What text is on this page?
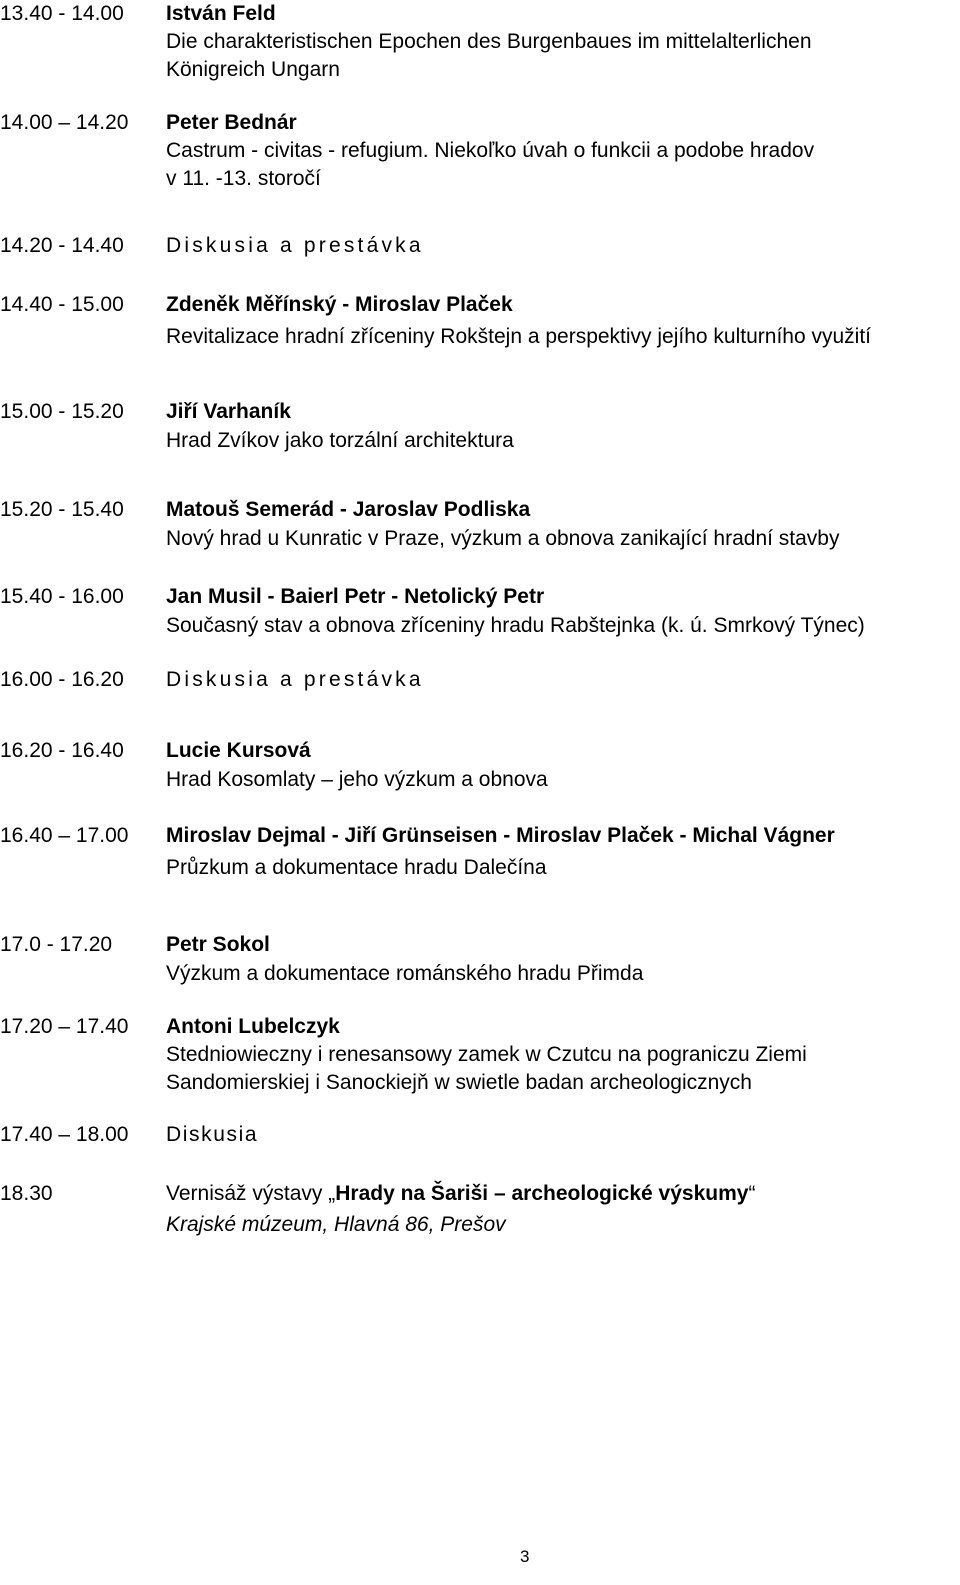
13.40 - 14.00 István Feld
Die charakteristischen Epochen des Burgenbaues im mittelalterlichen
Königreich Ungarn
14.00 – 14.20 Peter Bednár
Castrum - civitas - refugium. Niekoľko úvah o funkcii a podobe hradov
v 11. -13. storočí
14.20 - 14.40 Diskusia a prestávka
14.40 - 15.00 Zdeněk Měřínský - Miroslav Plaček
Revitalizace hradní zříceniny Rokštejn a perspektivy jejího kulturního využití
15.00 - 15.20 Jiří Varhaník
Hrad Zvíkov jako torzální architektura
15.20 - 15.40 Matouš Semerád - Jaroslav Podliska
Nový hrad u Kunratic v Praze, výzkum a obnova zanikající hradní stavby
15.40 - 16.00 Jan Musil - Baierl Petr - Netolický Petr
Současný stav a obnova zříceniny hradu Rabštejnka (k. ú. Smrkový Týnec)
16.00 - 16.20 Diskusia a prestávka
16.20 - 16.40 Lucie Kursová
Hrad Kosomlaty – jeho výzkum a obnova
16.40 – 17.00 Miroslav Dejmal - Jiří Grünseisen - Miroslav Plaček - Michal Vágner
Průzkum a dokumentace hradu Dalečína
17.0 - 17.20	Petr Sokol
Výzkum a dokumentace románského hradu Přimda
17.20 – 17.40 Antoni Lubelczyk
Stedniowieczny i renesansowy zamek w Czutcu na pograniczu Ziemi
Sandomierskiej i Sanockiejň w swietle badan archeologicznych
17.40 – 18.00 Diskusia
18.30	Vernisáž výstavy „Hrady na Šariši – archeologické výskumy“
Krajské múzeum, Hlavná 86, Prešov
3
